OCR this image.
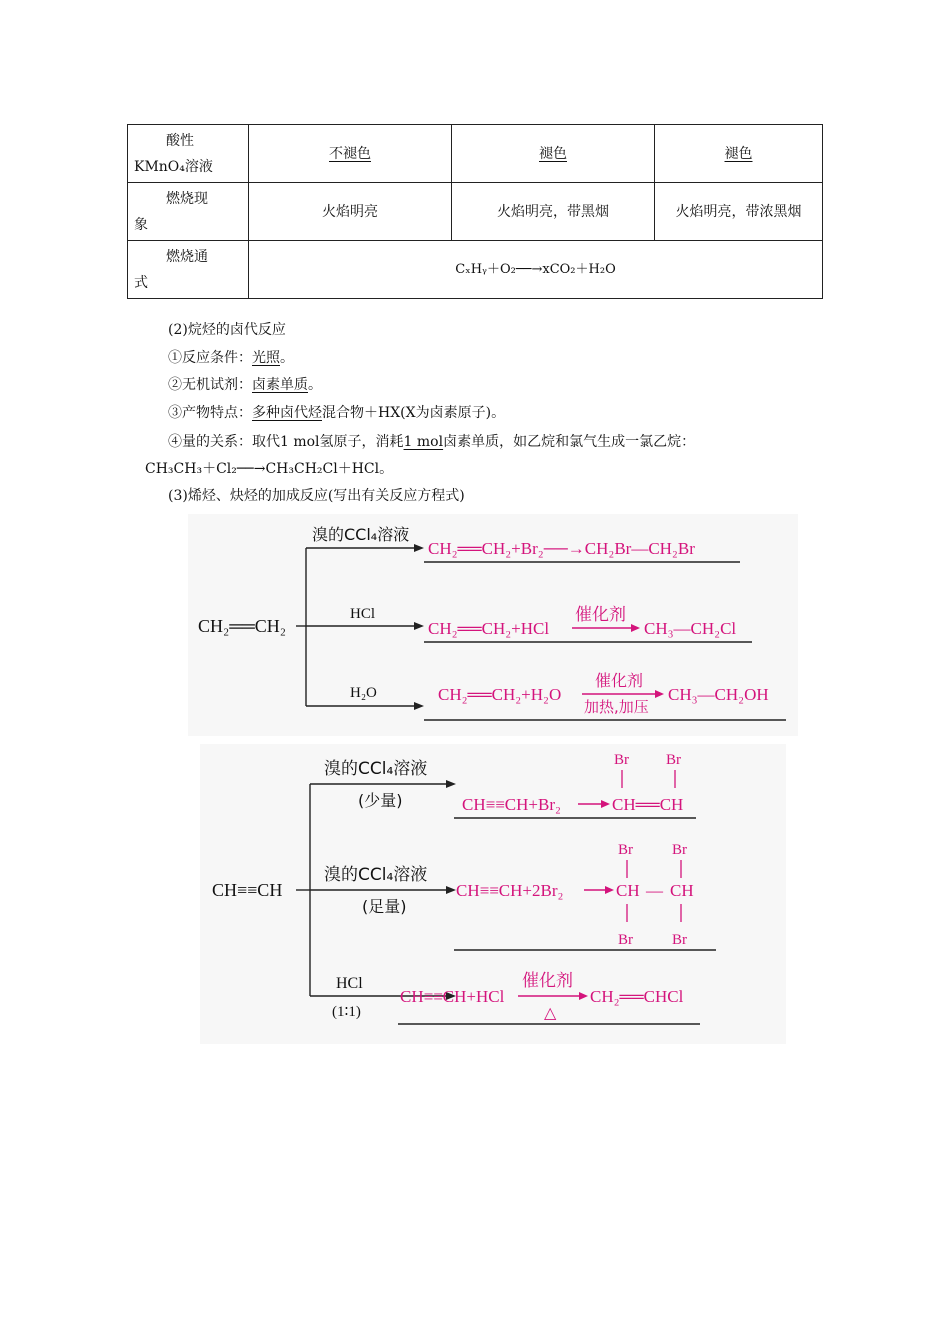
酸性
KMnO₄溶液	不褪色	褪色	褪色

燃烧现
象	火焰明亮	火焰明亮，带黑烟	火焰明亮，带浓黑烟

燃烧通
式	CₓHᵧ＋O₂──→xCO₂＋H₂O		
(2)烷烃的卤代反应
①反应条件：光照。
②无机试剂：卤素单质。
③产物特点：多种卤代烃混合物＋HX(X为卤素原子)。
④量的关系：取代1 mol氢原子，消耗1 mol卤素单质，如乙烷和氯气生成一氯乙烷：
CH₃CH₃＋Cl₂──→CH₃CH₂Cl＋HCl。
(3)烯烃、炔烃的加成反应(写出有关反应方程式)
CH₂══CH₂
溴的CCl₄溶液
HCl
H₂O
CH₂══CH₂+Br₂──→CH₂Br—CH₂Br
CH₂══CH₂+HCl
催化剂
CH₃—CH₂Cl
CH₂══CH₂+H₂O
催化剂
加热,加压
CH₃—CH₂OH
CH≡≡CH
溴的CCl₄溶液
(少量)
溴的CCl₄溶液
(足量)
HCl
(1∶1)
Br Br
CH≡≡CH+Br₂	CH══CH
Br	Br
CH≡≡CH+2Br₂	CH — CH
Br	Br
CH≡≡CH+HCl
催化剂
△
CH₂══CHCl
